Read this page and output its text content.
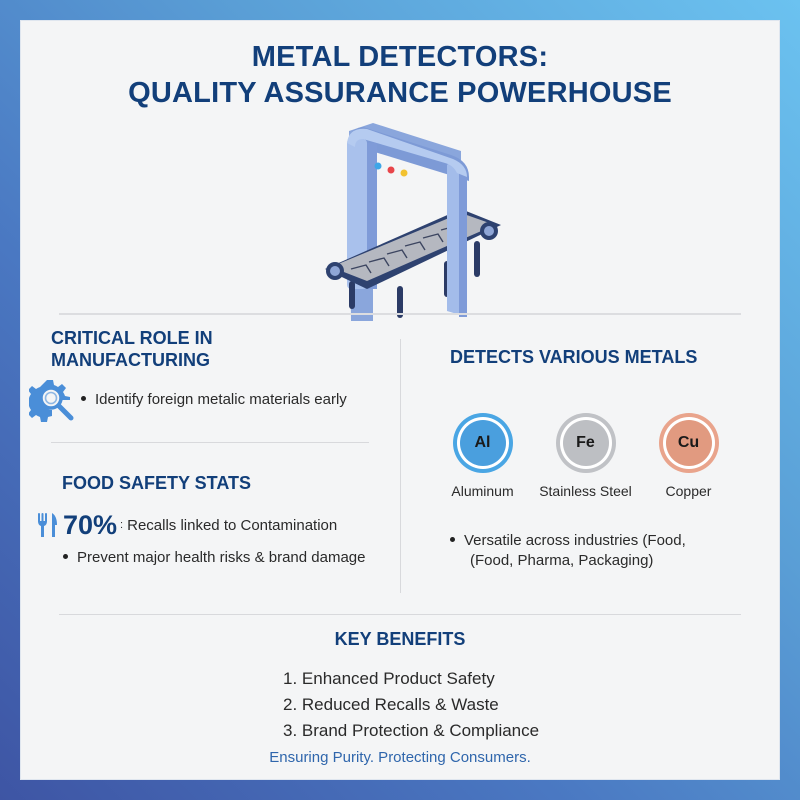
METAL DETECTORS:
QUALITY ASSURANCE POWERHOUSE
CRITICAL ROLE IN
MANUFACTURING
Identify foreign metalic materials early
FOOD SAFETY STATS
70% : Recalls linked to Contamination
Prevent major health risks & brand damage
DETECTS VARIOUS METALS
Al
Aluminum
Fe
Stainless Steel
Cu
Copper
Versatile across industries (Food,
(Food, Pharma, Packaging)
KEY BENEFITS
1. Enhanced Product Safety
2. Reduced Recalls & Waste
3. Brand Protection & Compliance
Ensuring Purity. Protecting Consumers.
